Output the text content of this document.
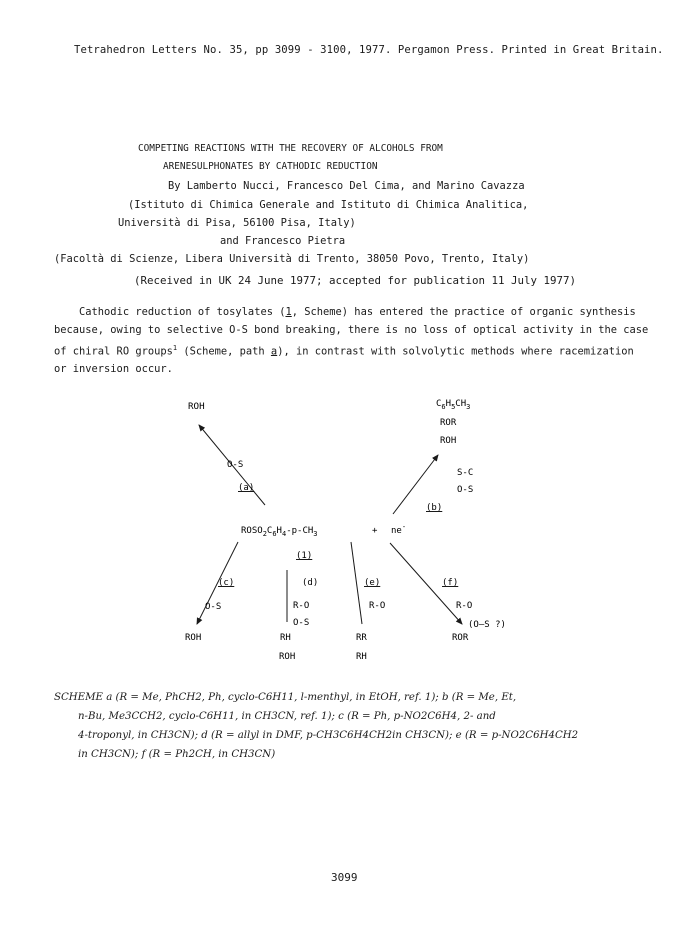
Tetrahedron Letters No. 35, pp 3099 - 3100, 1977. Pergamon Press. Printed in Great Britain.
COMPETING REACTIONS WITH THE RECOVERY OF ALCOHOLS FROM
ARENESULPHONATES BY CATHODIC REDUCTION
By Lamberto Nucci, Francesco Del Cima, and Marino Cavazza
(Istituto di Chimica Generale and Istituto di Chimica Analitica,
Università di Pisa, 56100 Pisa, Italy)
and Francesco Pietra
(Facoltà di Scienze, Libera Università di Trento, 38050 Povo, Trento, Italy)
(Received in UK 24 June 1977; accepted for publication 11 July 1977)
Cathodic reduction of tosylates (1, Scheme) has entered the practice of organic synthesis
because, owing to selective O-S bond breaking, there is no loss of optical activity in the case
of chiral RO groups$^1$ (Scheme, path a), in contrast with solvolytic methods where racemization
or inversion occur.
ROH
O-S
(a)
$C_6H_5CH_3$
ROR
ROH
S-C
O-S
(b)
$ROSO_2C_6H_4-p-CH_3$	+ ne-
(1)
(c)
O-S
ROH
(d)
R-O
O-S
RH
ROH
(e)
R-O
RR
RH
(f)
R-O
(O—S ?)
ROR
SCHEME a (R = Me, PhCH2, Ph, cyclo-C6H11, l-menthyl, in EtOH, ref. 1); b (R = Me, Et,
n-Bu, Me3CCH2, cyclo-C6H11, in CH3CN, ref. 1); c (R = Ph, p-NO2C6H4, 2- and
4-troponyl, in CH3CN); d (R = allyl in DMF, p-CH3C6H4CH2in CH3CN); e (R = p-NO2C6H4CH2
in CH3CN); f (R = Ph2CH, in CH3CN)
3099
